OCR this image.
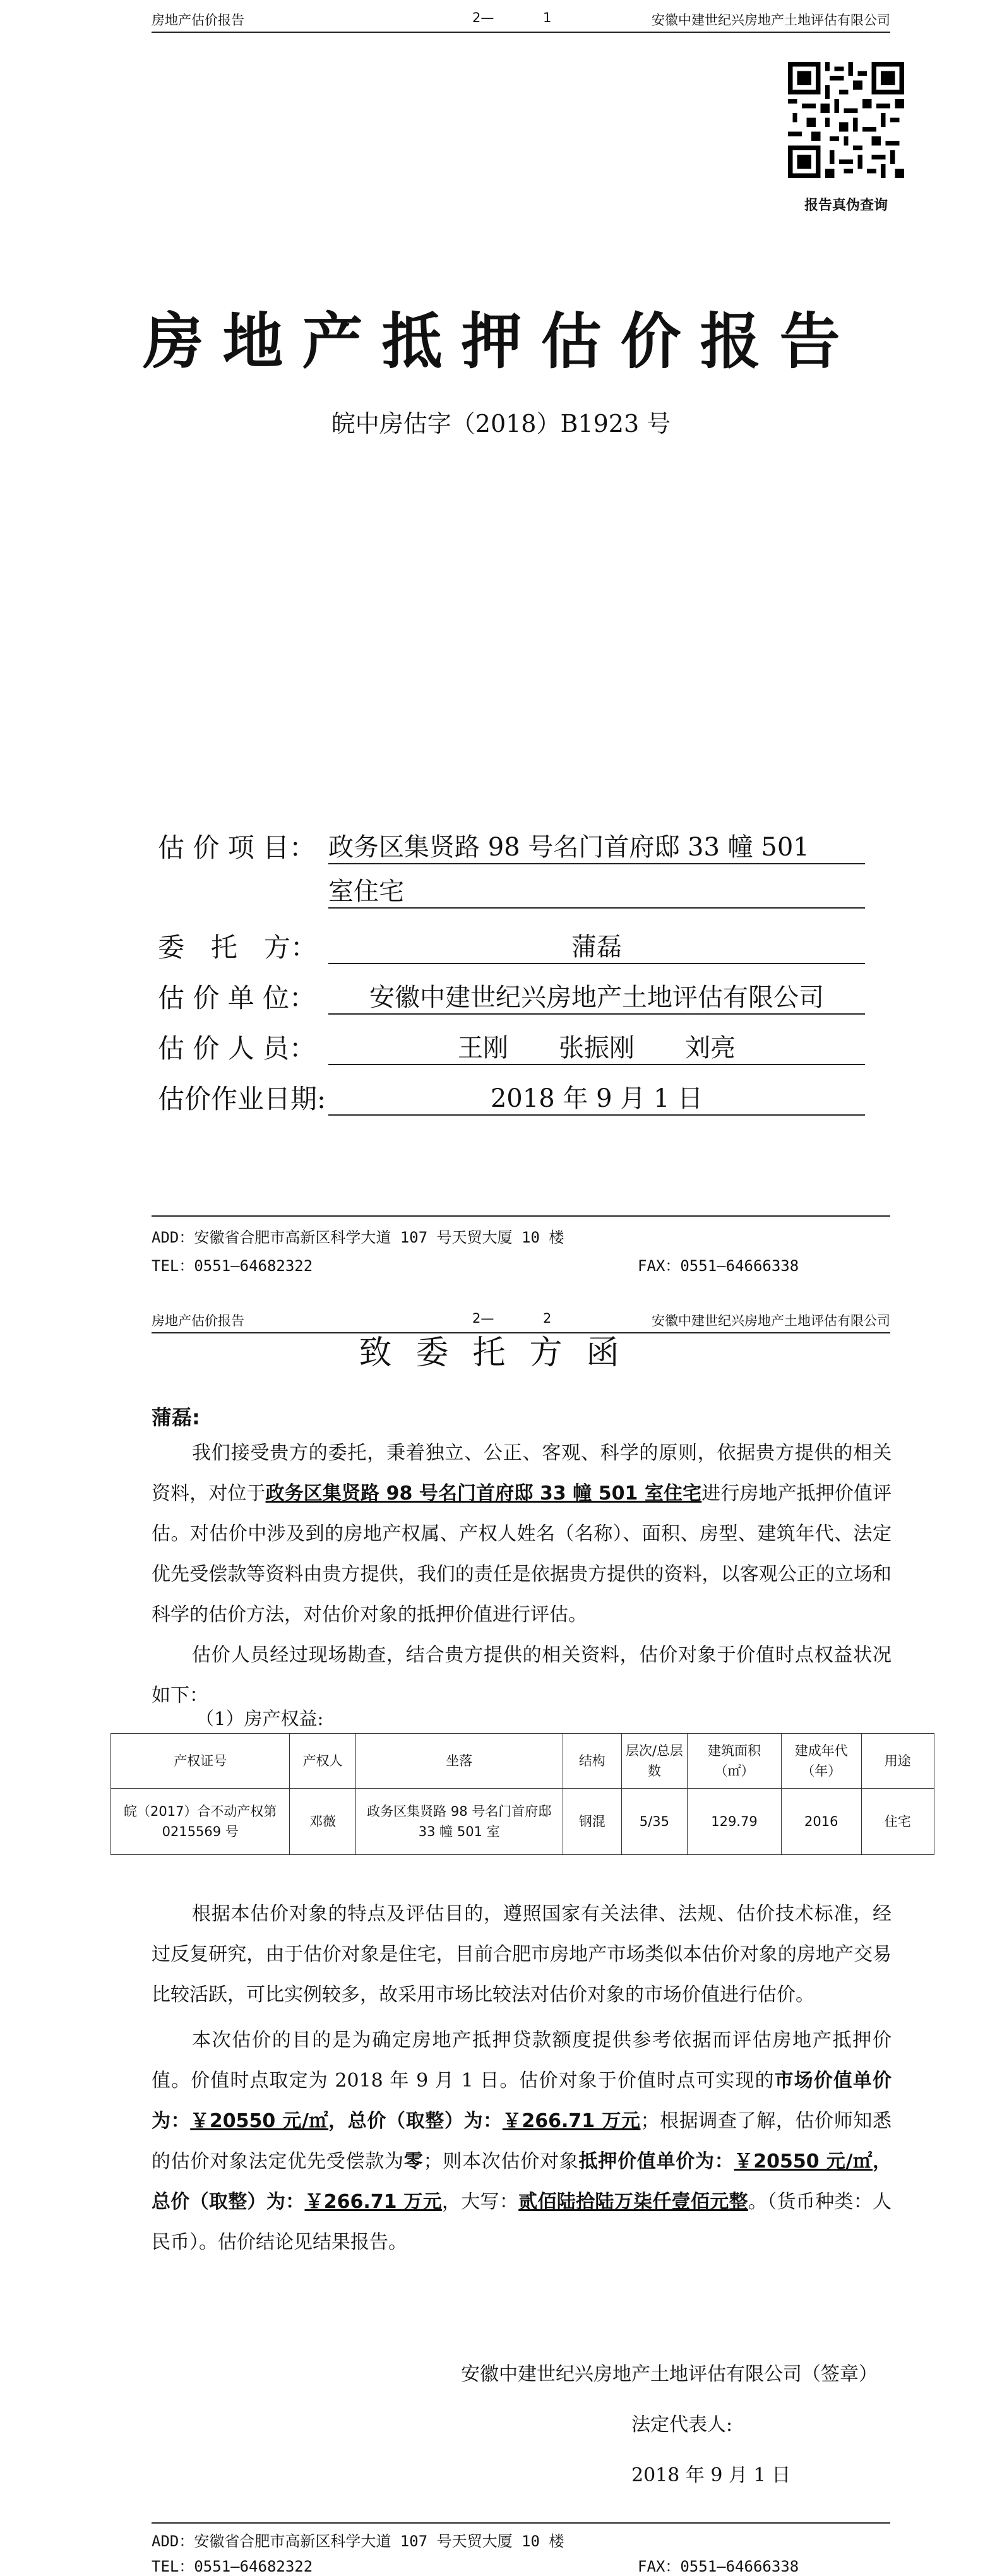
房地产估价报告	2—	1	安徽中建世纪兴房地产土地评估有限公司
报告真伪查询
房地产抵押估价报告
皖中房估字（2018）B1923 号
估 价 项 目： 政务区集贤路 98 号名门首府邸 33 幢 501
室住宅
委　托　方：	蒲磊
估 价 单 位：	安徽中建世纪兴房地产土地评估有限公司
估 价 人 员：	王刚　　张振刚　　刘亮
估价作业日期:	2018 年 9 月 1 日
ADD：安徽省合肥市高新区科学大道 107 号天贸大厦 10 楼
TEL：0551—64682322	FAX：0551—64666338
房地产估价报告	2—	2	安徽中建世纪兴房地产土地评估有限公司
致委托方函
蒲磊:
我们接受贵方的委托，秉着独立、公正、客观、科学的原则，依据贵方提供的相关资料，对位于政务区集贤路 98 号名门首府邸 33 幢 501 室住宅进行房地产抵押价值评估。对估价中涉及到的房地产权属、产权人姓名（名称）、面积、房型、建筑年代、法定优先受偿款等资料由贵方提供，我们的责任是依据贵方提供的资料，以客观公正的立场和科学的估价方法，对估价对象的抵押价值进行评估。
估价人员经过现场勘查，结合贵方提供的相关资料，估价对象于价值时点权益状况如下：
（1）房产权益:
产权证号	产权人	坐落	结构	层次/总层数	建筑面积（㎡）	建成年代（年）	用途
皖（2017）合不动产权第 0215569 号	邓薇	政务区集贤路 98 号名门首府邸 33 幢 501 室	钢混	5/35	129.79	2016	住宅
根据本估价对象的特点及评估目的，遵照国家有关法律、法规、估价技术标准，经过反复研究，由于估价对象是住宅，目前合肥市房地产市场类似本估价对象的房地产交易比较活跃，可比实例较多，故采用市场比较法对估价对象的市场价值进行估价。
本次估价的目的是为确定房地产抵押贷款额度提供参考依据而评估房地产抵押价值。价值时点取定为 2018 年 9 月 1 日。估价对象于价值时点可实现的市场价值单价为：￥20550 元/㎡，总价（取整）为：￥266.71 万元；根据调查了解，估价师知悉的估价对象法定优先受偿款为零；则本次估价对象抵押价值单价为：￥20550 元/㎡，总价（取整）为：￥266.71 万元，大写：贰佰陆拾陆万柒仟壹佰元整。（货币种类：人民币）。估价结论见结果报告。
安徽中建世纪兴房地产土地评估有限公司（签章）
法定代表人:
2018 年 9 月 1 日
ADD：安徽省合肥市高新区科学大道 107 号天贸大厦 10 楼
TEL：0551—64682322	FAX：0551—64666338
